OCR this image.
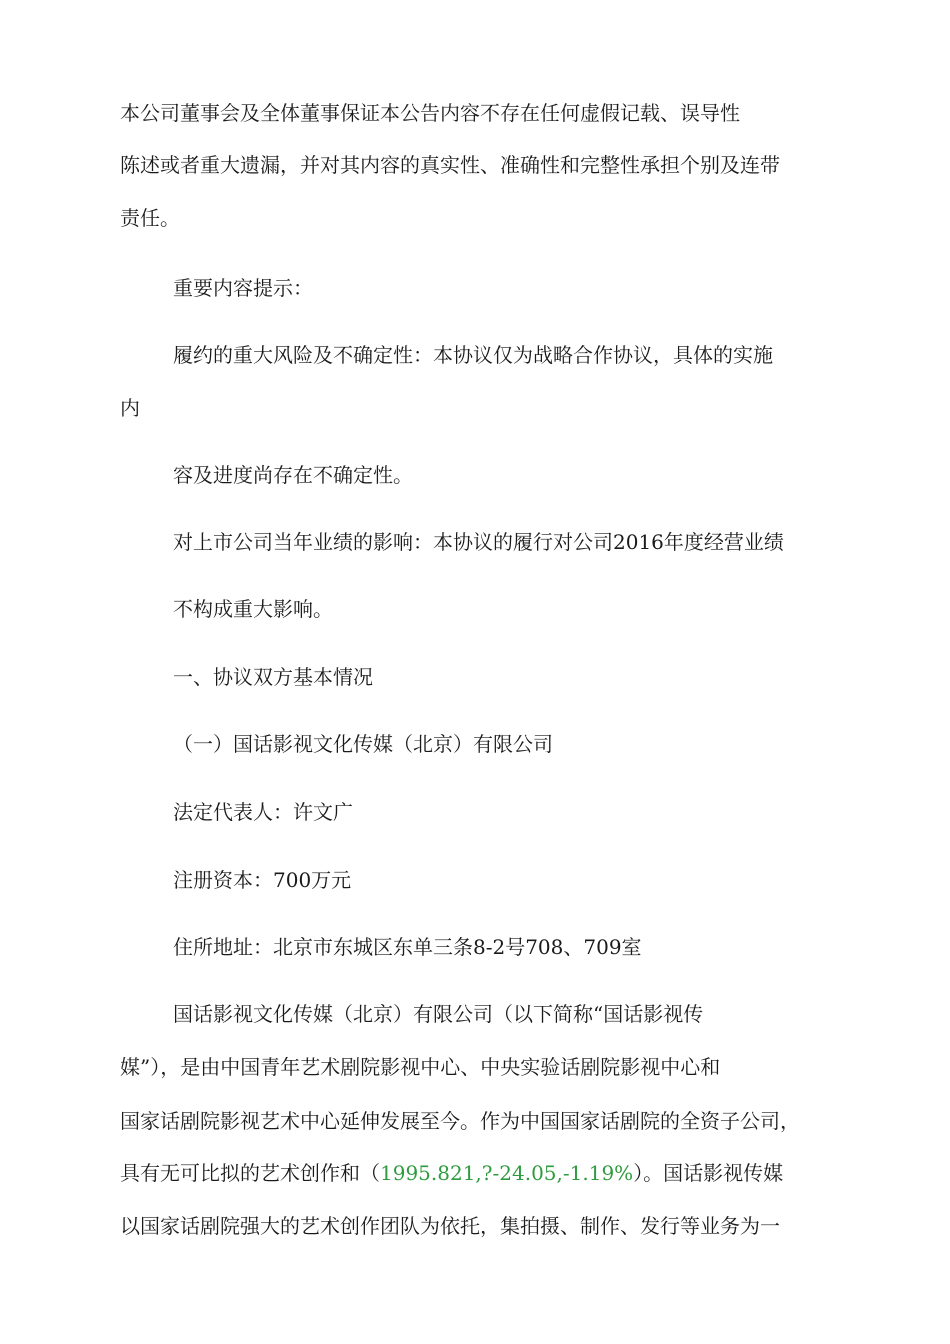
本公司董事会及全体董事保证本公告内容不存在任何虚假记载、误导性
陈述或者重大遗漏，并对其内容的真实性、准确性和完整性承担个别及连带
责任。
重要内容提示：
履约的重大风险及不确定性：本协议仅为战略合作协议，具体的实施
内
容及进度尚存在不确定性。
对上市公司当年业绩的影响：本协议的履行对公司2016年度经营业绩
不构成重大影响。
一、协议双方基本情况
（一）国话影视文化传媒（北京）有限公司
法定代表人：许文广
注册资本：700万元
住所地址：北京市东城区东单三条8-2号708、709室
国话影视文化传媒（北京）有限公司（以下简称“国话影视传
媒”），是由中国青年艺术剧院影视中心、中央实验话剧院影视中心和
国家话剧院影视艺术中心延伸发展至今。作为中国国家话剧院的全资子公司，
具有无可比拟的艺术创作和（1995.821,?-24.05,-1.19%）。国话影视传媒
以国家话剧院强大的艺术创作团队为依托，集拍摄、制作、发行等业务为一
